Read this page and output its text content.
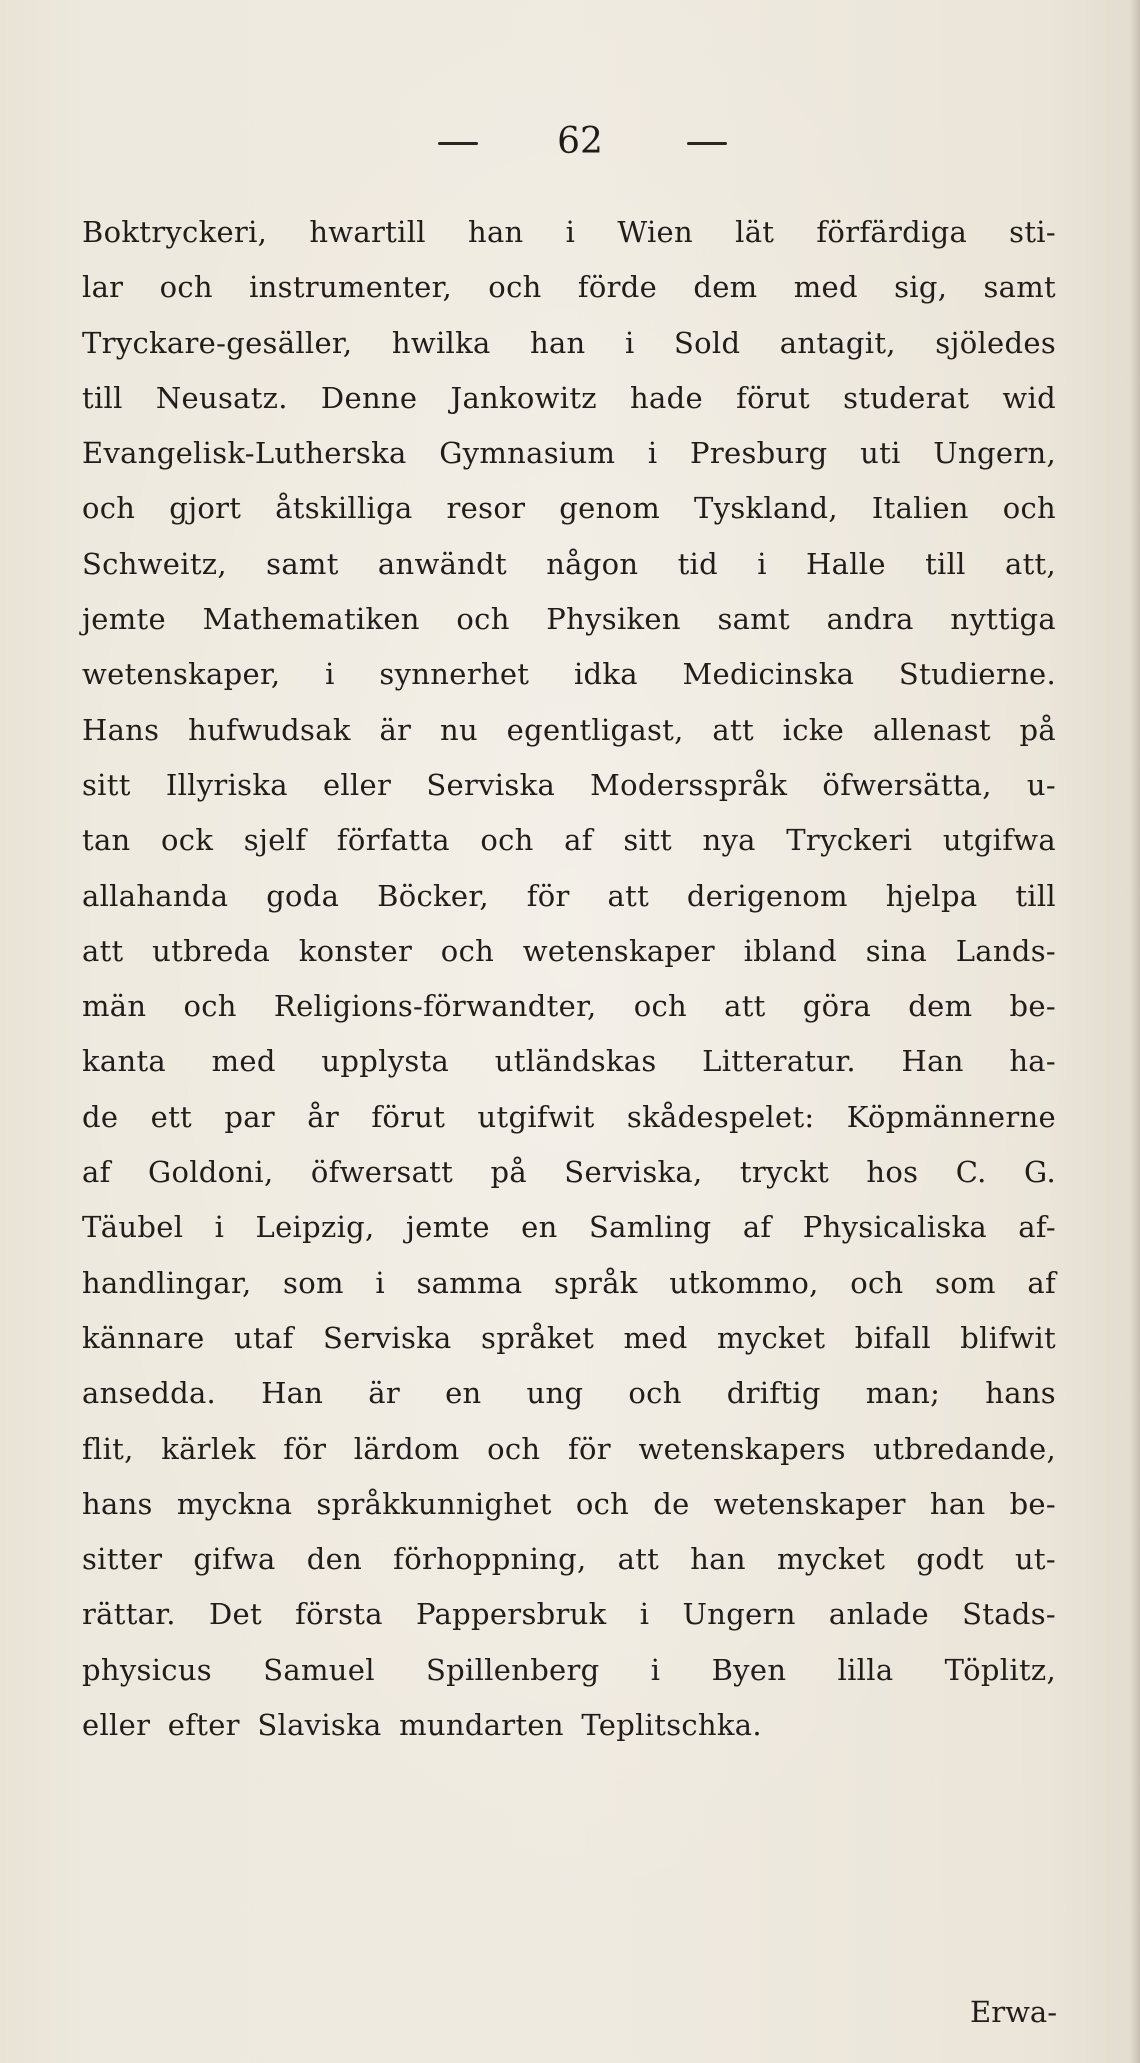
62
Boktryckeri, hwartill han i Wien lät förfärdiga sti-
lar och instrumenter, och förde dem med sig, samt
Tryckare-gesäller, hwilka han i Sold antagit, sjöledes
till Neusatz. Denne Jankowitz hade förut studerat wid
Evangelisk-Lutherska Gymnasium i Presburg uti Ungern,
och gjort åtskilliga resor genom Tyskland, Italien och
Schweitz, samt anwändt någon tid i Halle till att,
jemte Mathematiken och Physiken samt andra nyttiga
wetenskaper, i synnerhet idka Medicinska Studierne.
Hans hufwudsak är nu egentligast, att icke allenast på
sitt Illyriska eller Serviska Modersspråk öfwersätta, u-
tan ock sjelf författa och af sitt nya Tryckeri utgifwa
allahanda goda Böcker, för att derigenom hjelpa till
att utbreda konster och wetenskaper ibland sina Lands-
män och Religions-förwandter, och att göra dem be-
kanta med upplysta utländskas Litteratur. Han ha-
de ett par år förut utgifwit skådespelet: Köpmännerne
af Goldoni, öfwersatt på Serviska, tryckt hos C. G.
Täubel i Leipzig, jemte en Samling af Physicaliska af-
handlingar, som i samma språk utkommo, och som af
kännare utaf Serviska språket med mycket bifall blifwit
ansedda. Han är en ung och driftig man; hans
flit, kärlek för lärdom och för wetenskapers utbredande,
hans myckna språkkunnighet och de wetenskaper han be-
sitter gifwa den förhoppning, att han mycket godt ut-
rättar. Det första Pappersbruk i Ungern anlade Stads-
physicus Samuel Spillenberg i Byen lilla Töplitz,
eller efter Slaviska mundarten Teplitschka.
Erwa-
